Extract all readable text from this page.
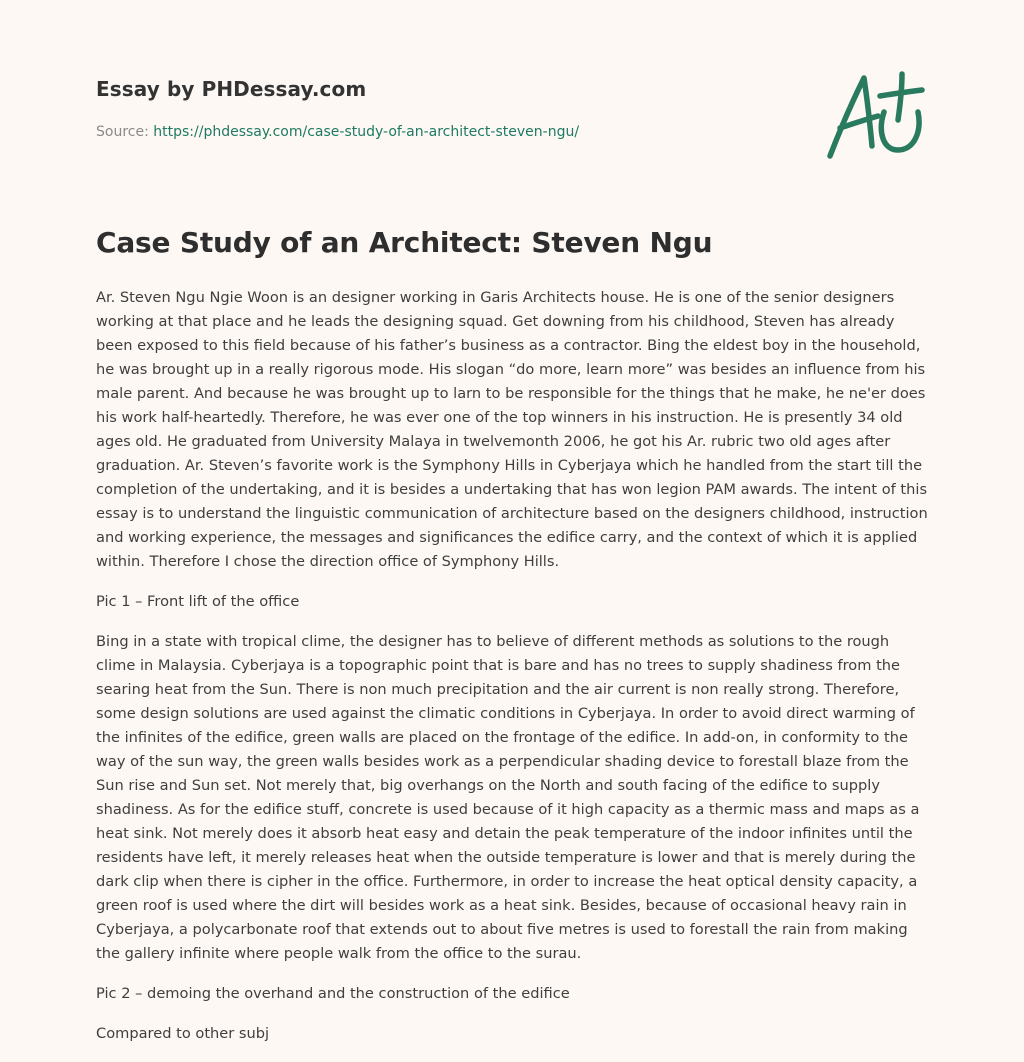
Essay by PHDessay.com
Source: https://phdessay.com/case-study-of-an-architect-steven-ngu/
Case Study of an Architect: Steven Ngu

Ar. Steven Ngu Ngie Woon is an designer working in Garis Architects house. He is one of the senior designers working at that place and he leads the designing squad. Get downing from his childhood, Steven has already been exposed to this field because of his father’s business as a contractor. Bing the eldest boy in the household, he was brought up in a really rigorous mode. His slogan “do more, learn more” was besides an influence from his male parent. And because he was brought up to larn to be responsible for the things that he make, he ne'er does his work half-heartedly. Therefore, he was ever one of the top winners in his instruction. He is presently 34 old ages old. He graduated from University Malaya in twelvemonth 2006, he got his Ar. rubric two old ages after graduation. Ar. Steven’s favorite work is the Symphony Hills in Cyberjaya which he handled from the start till the completion of the undertaking, and it is besides a undertaking that has won legion PAM awards. The intent of this essay is to understand the linguistic communication of architecture based on the designers childhood, instruction and working experience, the messages and significances the edifice carry, and the context of which it is applied within. Therefore I chose the direction office of Symphony Hills.

Pic 1 – Front lift of the office

Bing in a state with tropical clime, the designer has to believe of different methods as solutions to the rough clime in Malaysia. Cyberjaya is a topographic point that is bare and has no trees to supply shadiness from the searing heat from the Sun. There is non much precipitation and the air current is non really strong. Therefore, some design solutions are used against the climatic conditions in Cyberjaya. In order to avoid direct warming of the infinites of the edifice, green walls are placed on the frontage of the edifice. In add-on, in conformity to the way of the sun way, the green walls besides work as a perpendicular shading device to forestall blaze from the Sun rise and Sun set. Not merely that, big overhangs on the North and south facing of the edifice to supply shadiness. As for the edifice stuff, concrete is used because of it high capacity as a thermic mass and maps as a heat sink. Not merely does it absorb heat easy and detain the peak temperature of the indoor infinites until the residents have left, it merely releases heat when the outside temperature is lower and that is merely during the dark clip when there is cipher in the office. Furthermore, in order to increase the heat optical density capacity, a green roof is used where the dirt will besides work as a heat sink. Besides, because of occasional heavy rain in Cyberjaya, a polycarbonate roof that extends out to about five metres is used to forestall the rain from making the gallery infinite where people walk from the office to the surau.

Pic 2 – demoing the overhand and the construction of the edifice

Compared to other subj
